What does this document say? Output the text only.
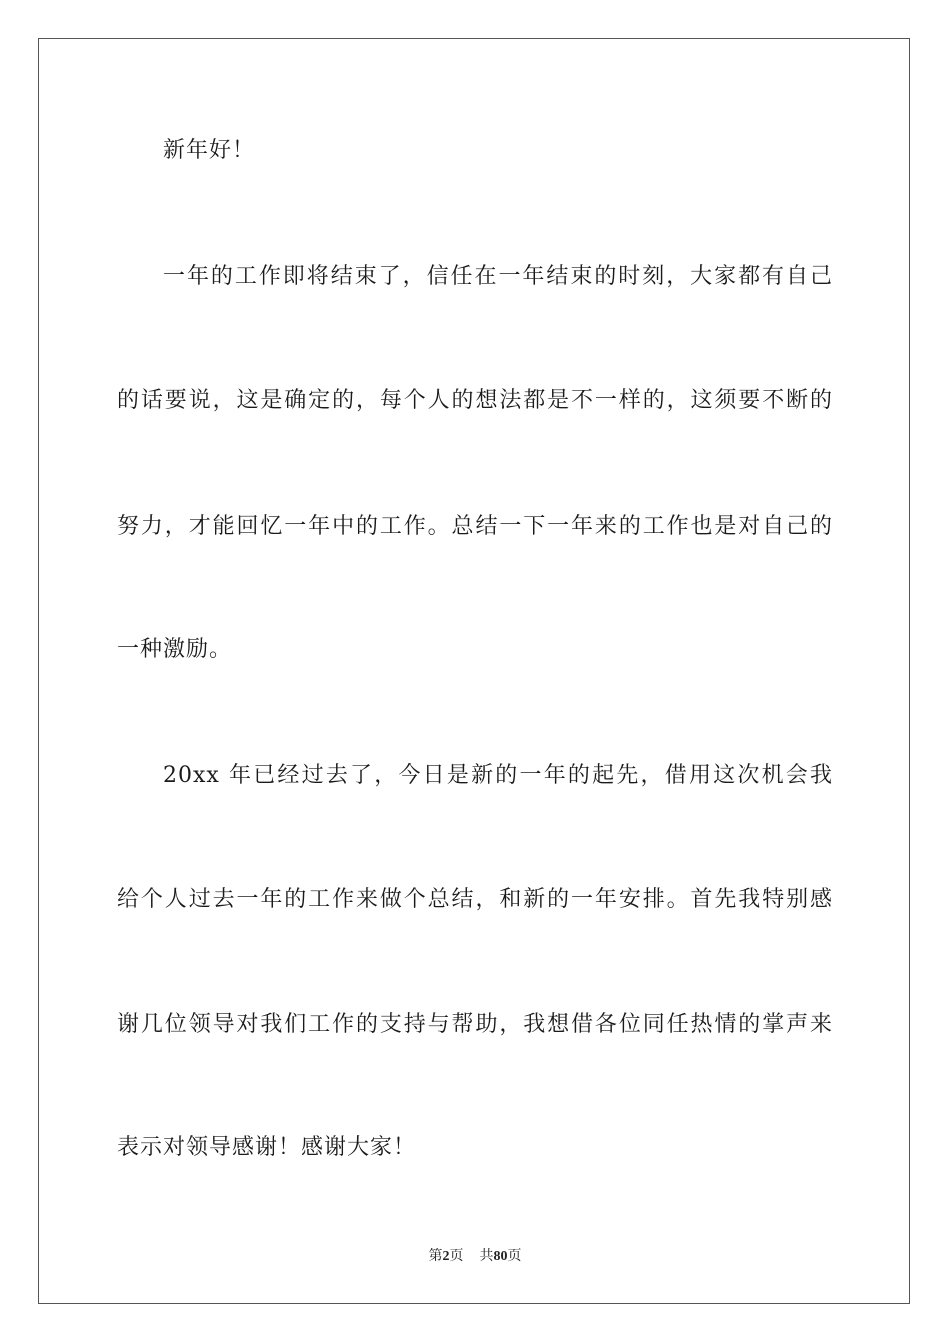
新年好！
一年的工作即将结束了，信任在一年结束的时刻，大家都有自己
的话要说，这是确定的，每个人的想法都是不一样的，这须要不断的
努力，才能回忆一年中的工作。总结一下一年来的工作也是对自己的
一种激励。
20xx 年已经过去了，今日是新的一年的起先，借用这次机会我
给个人过去一年的工作来做个总结，和新的一年安排。首先我特别感
谢几位领导对我们工作的支持与帮助，我想借各位同任热情的掌声来
表示对领导感谢！感谢大家！
第2页 共80页
